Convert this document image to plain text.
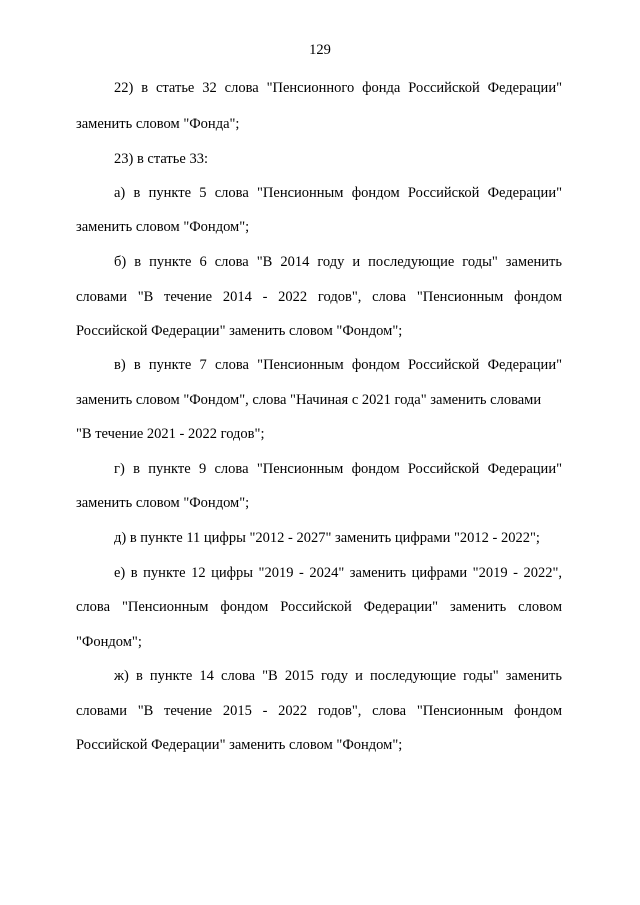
129
22) в статье 32 слова "Пенсионного фонда Российской Федерации"
заменить словом "Фонда";
23) в статье 33:
а) в пункте 5 слова "Пенсионным фондом Российской Федерации"
заменить словом "Фондом";
б) в пункте 6 слова "В 2014 году и последующие годы" заменить
словами "В течение 2014 - 2022 годов", слова "Пенсионным фондом
Российской Федерации" заменить словом "Фондом";
в) в пункте 7 слова "Пенсионным фондом Российской Федерации"
заменить словом "Фондом", слова "Начиная с 2021 года" заменить словами
"В течение 2021 - 2022 годов";
г) в пункте 9 слова "Пенсионным фондом Российской Федерации"
заменить словом "Фондом";
д) в пункте 11 цифры "2012 - 2027" заменить цифрами "2012 - 2022";
е) в пункте 12 цифры "2019 - 2024" заменить цифрами "2019 - 2022",
слова "Пенсионным фондом Российской Федерации" заменить словом
"Фондом";
ж) в пункте 14 слова "В 2015 году и последующие годы" заменить
словами "В течение 2015 - 2022 годов", слова "Пенсионным фондом
Российской Федерации" заменить словом "Фондом";
